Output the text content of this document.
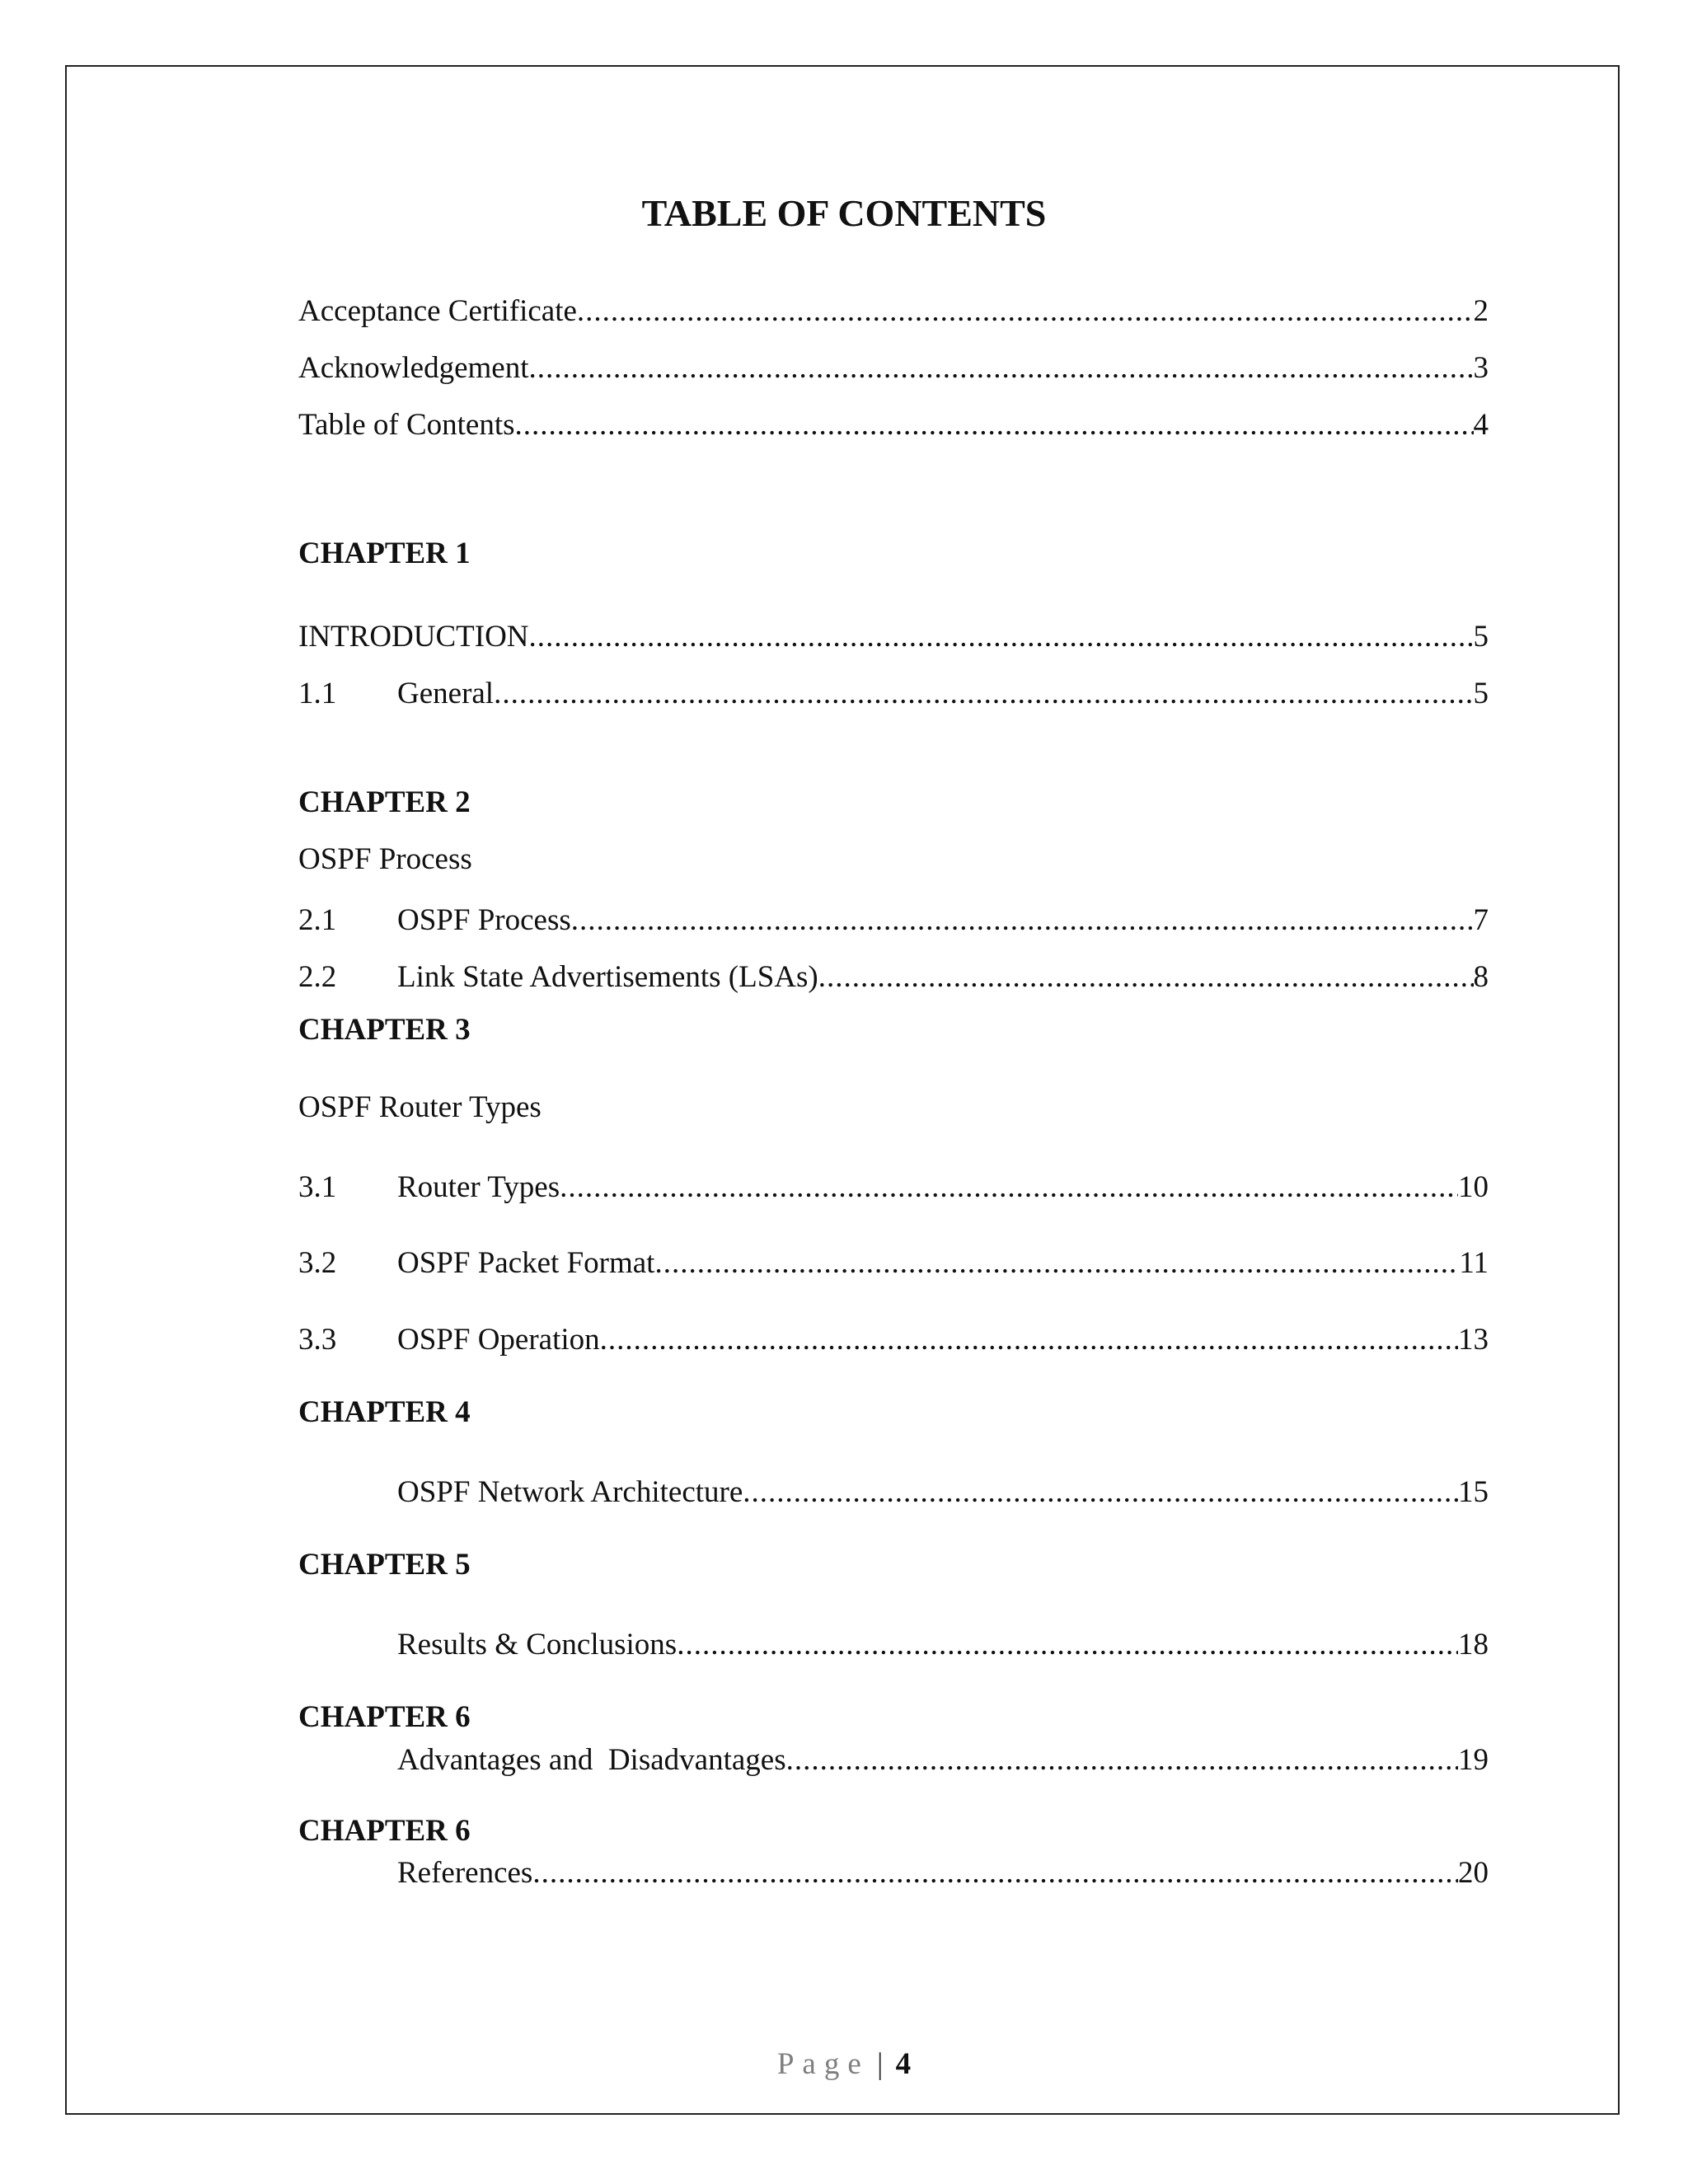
TABLE OF CONTENTS
Acceptance Certificate .....	2
Acknowledgement .....	3
Table of Contents .....	4
CHAPTER 1
INTRODUCTION .....	5
1.1	General .....	5
CHAPTER 2
OSPF Process
2.1	OSPF Process .....	7
2.2	Link State Advertisements (LSAs) .....	8
CHAPTER 3
OSPF Router Types
3.1	Router Types .....	10
3.2	OSPF Packet Format .....	11
3.3	OSPF Operation .....	13
CHAPTER 4
OSPF Network Architecture .....	15
CHAPTER 5
Results & Conclusions .....	18
CHAPTER 6
Advantages and  Disadvantages .....	19
CHAPTER 6
References .....	20
Page | 4
